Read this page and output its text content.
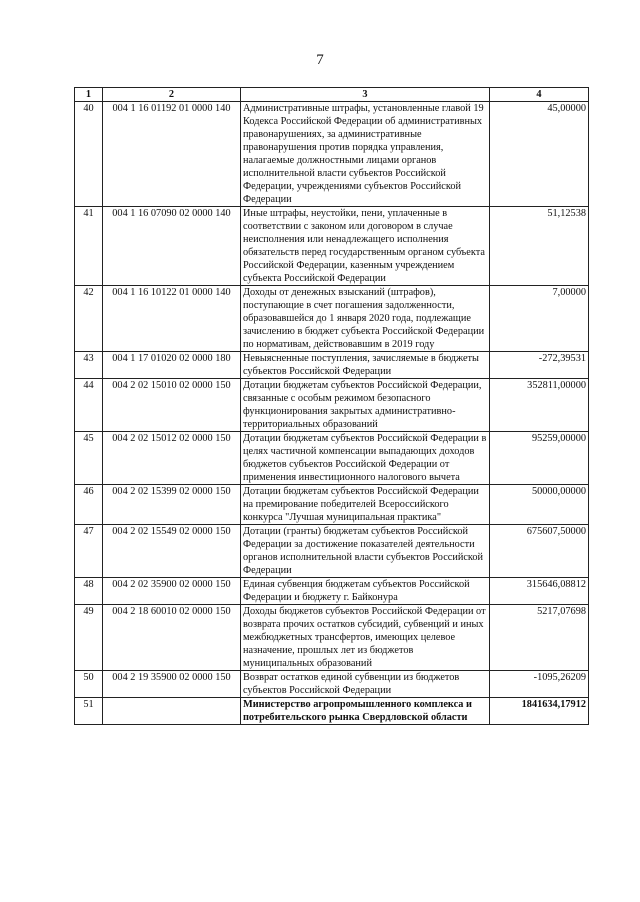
7
1	2	3	4
40	004 1 16 01192 01 0000 140	Административные штрафы, установленные главой 19 Кодекса Российской Федерации об административных правонарушениях, за административные правонарушения против порядка управления, налагаемые должностными лицами органов исполнительной власти субъектов Российской Федерации, учреждениями субъектов Российской Федерации	45,00000
41	004 1 16 07090 02 0000 140	Иные штрафы, неустойки, пени, уплаченные в соответствии с законом или договором в случае неисполнения или ненадлежащего исполнения обязательств перед государственным органом субъекта Российской Федерации, казенным учреждением субъекта Российской Федерации	51,12538
42	004 1 16 10122 01 0000 140	Доходы от денежных взысканий (штрафов), поступающие в счет погашения задолженности, образовавшейся до 1 января 2020 года, подлежащие зачислению в бюджет субъекта Российской Федерации по нормативам, действовавшим в 2019 году	7,00000
43	004 1 17 01020 02 0000 180	Невыясненные поступления, зачисляемые в бюджеты субъектов Российской Федерации	-272,39531
44	004 2 02 15010 02 0000 150	Дотации бюджетам субъектов Российской Федерации, связанные с особым режимом безопасного функционирования закрытых административно-территориальных образований	352811,00000
45	004 2 02 15012 02 0000 150	Дотации бюджетам субъектов Российской Федерации в целях частичной компенсации выпадающих доходов бюджетов субъектов Российской Федерации от применения инвестиционного налогового вычета	95259,00000
46	004 2 02 15399 02 0000 150	Дотации бюджетам субъектов Российской Федерации на премирование победителей Всероссийского конкурса "Лучшая муниципальная практика"	50000,00000
47	004 2 02 15549 02 0000 150	Дотации (гранты) бюджетам субъектов Российской Федерации за достижение показателей деятельности органов исполнительной власти субъектов Российской Федерации	675607,50000
48	004 2 02 35900 02 0000 150	Единая субвенция бюджетам субъектов Российской Федерации и бюджету г. Байконура	315646,08812
49	004 2 18 60010 02 0000 150	Доходы бюджетов субъектов Российской Федерации от возврата прочих остатков субсидий, субвенций и иных межбюджетных трансфертов, имеющих целевое назначение, прошлых лет из бюджетов муниципальных образований	5217,07698
50	004 2 19 35900 02 0000 150	Возврат остатков единой субвенции из бюджетов субъектов Российской Федерации	-1095,26209
51		Министерство агропромышленного комплекса и потребительского рынка Свердловской области	1841634,17912
